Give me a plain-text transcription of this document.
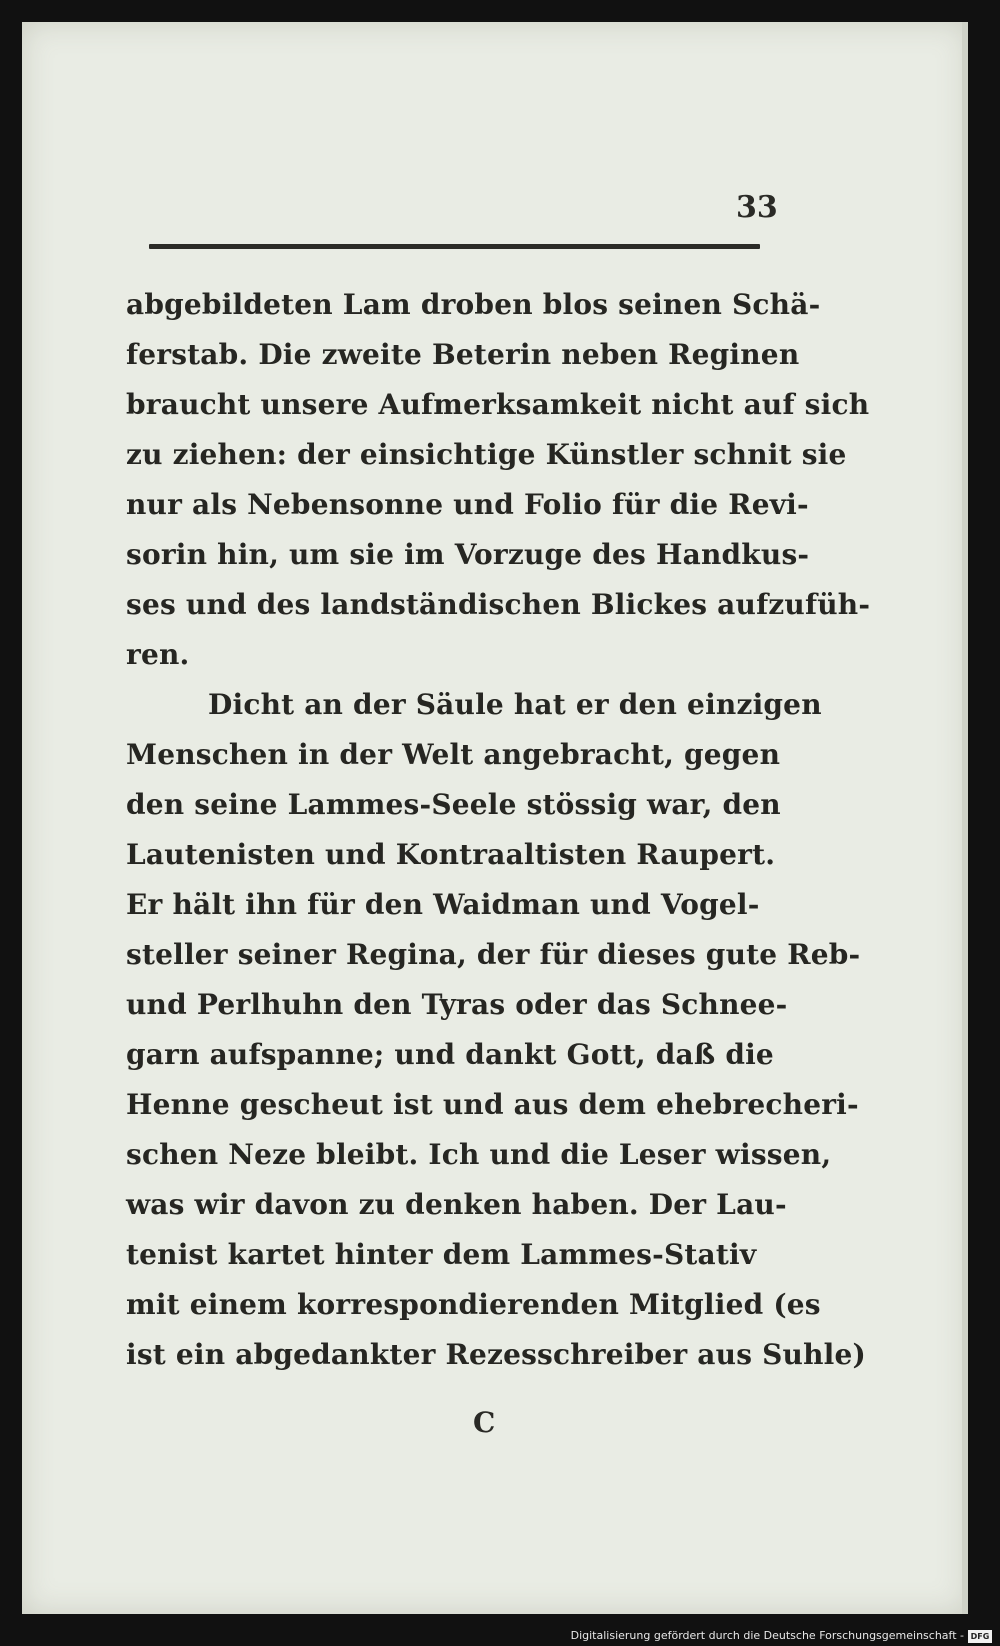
33
abgebildeten Lam droben blos seinen Schä-
ferstab. Die zweite Beterin neben Reginen
braucht unsere Aufmerksamkeit nicht auf sich
zu ziehen: der einsichtige Künstler schnit sie
nur als Nebensonne und Folio für die Revi-
sorin hin, um sie im Vorzuge des Handkus-
ses und des landständischen Blickes aufzufüh-
ren.
Dicht an der Säule hat er den einzigen
Menschen in der Welt angebracht, gegen
den seine Lammes-Seele stössig war, den
Lautenisten und Kontraaltisten Raupert.
Er hält ihn für den Waidman und Vogel-
steller seiner Regina, der für dieses gute Reb-
und Perlhuhn den Tyras oder das Schnee-
garn aufspanne; und dankt Gott, daß die
Henne gescheut ist und aus dem ehebrecheri-
schen Neze bleibt. Ich und die Leser wissen,
was wir davon zu denken haben. Der Lau-
tenist kartet hinter dem Lammes-Stativ
mit einem korrespondierenden Mitglied (es
ist ein abgedankter Rezesschreiber aus Suhle)
C
Digitalisierung gefördert durch die Deutsche Forschungsgemeinschaft - DFG
